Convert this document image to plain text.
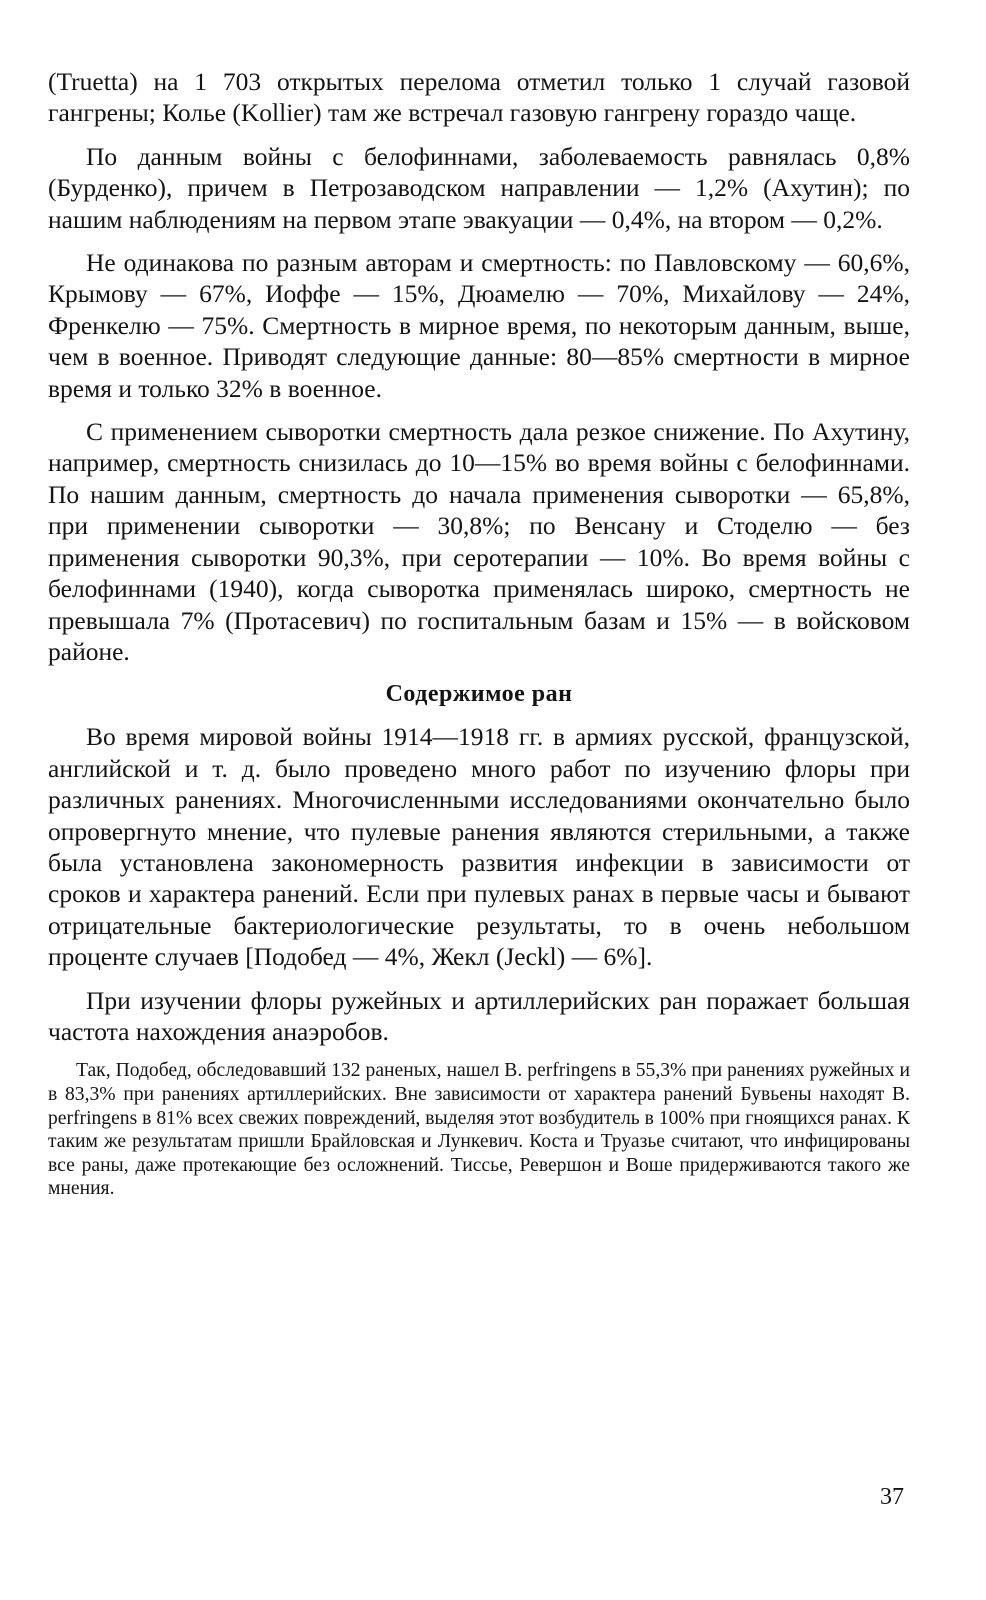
(Truetta) на 1 703 открытых перелома отметил только 1 случай газовой гангрены; Колье (Kollier) там же встречал газовую гангрену гораздо чаще.

По данным войны с белофиннами, заболеваемость равнялась 0,8% (Бурденко), причем в Петрозаводском направлении — 1,2% (Ахутин); по нашим наблюдениям на первом этапе эвакуации — 0,4%, на втором — 0,2%.

Не одинакова по разным авторам и смертность: по Павловскому — 60,6%, Крымову — 67%, Иоффе — 15%, Дюамелю — 70%, Михайлову — 24%, Френкелю — 75%. Смертность в мирное время, по некоторым данным, выше, чем в военное. Приводят следующие данные: 80—85% смертности в мирное время и только 32% в военное.

С применением сыворотки смертность дала резкое снижение. По Ахутину, например, смертность снизилась до 10—15% во время войны с белофиннами. По нашим данным, смертность до начала применения сыворотки — 65,8%, при применении сыворотки — 30,8%; по Венсану и Стоделю — без применения сыворотки 90,3%, при серотерапии — 10%. Во время войны с белофиннами (1940), когда сыворотка применялась широко, смертность не превышала 7% (Протасевич) по госпитальным базам и 15% — в войсковом районе.

Содержимое ран

Во время мировой войны 1914—1918 гг. в армиях русской, французской, английской и т. д. было проведено много работ по изучению флоры при различных ранениях. Многочисленными исследованиями окончательно было опровергнуто мнение, что пулевые ранения являются стерильными, а также была установлена закономерность развития инфекции в зависимости от сроков и характера ранений. Если при пулевых ранах в первые часы и бывают отрицательные бактериологические результаты, то в очень небольшом проценте случаев [Подобед — 4%, Жекл (Jeckl) — 6%].

При изучении флоры ружейных и артиллерийских ран поражает большая частота нахождения анаэробов.

Так, Подобед, обследовавший 132 раненых, нашел B. perfringens в 55,3% при ранениях ружейных и в 83,3% при ранениях артиллерийских. Вне зависимости от характера ранений Бувьены находят B. perfringens в 81% всех свежих повреждений, выделяя этот возбудитель в 100% при гноящихся ранах. К таким же результатам пришли Брайловская и Лункевич. Коста и Труазье считают, что инфицированы все раны, даже протекающие без осложнений. Тиссье, Ревершон и Воше придерживаются такого же мнения.

37
